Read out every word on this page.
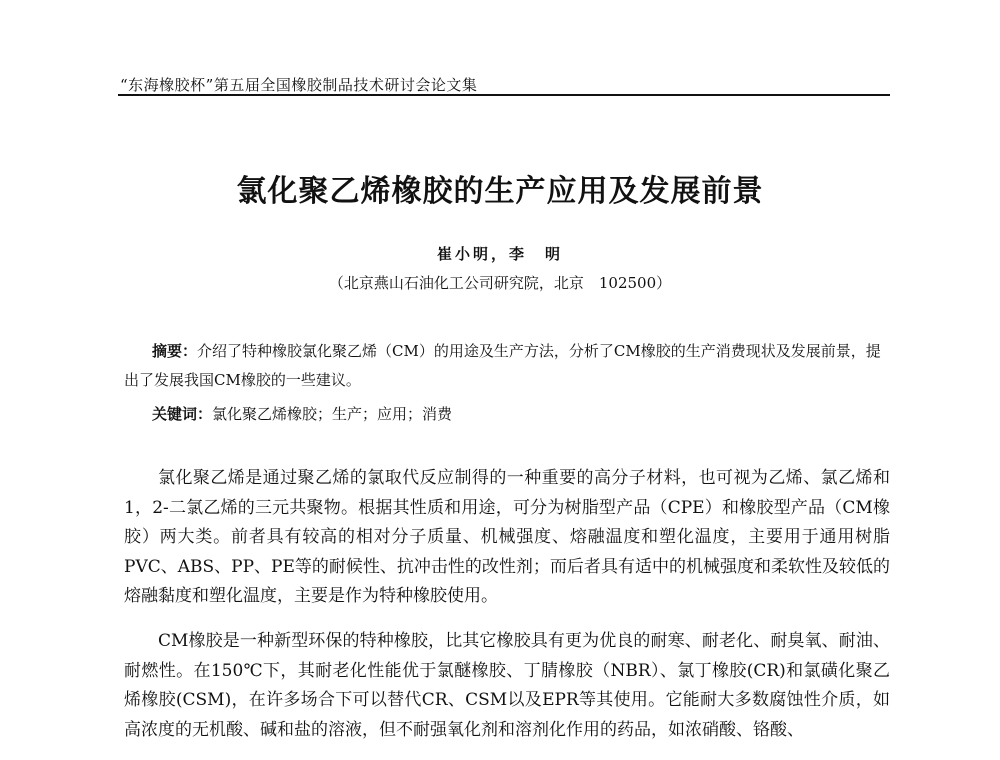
“东海橡胶杯”第五届全国橡胶制品技术研讨会论文集
氯化聚乙烯橡胶的生产应用及发展前景
崔小明，李　明
（北京燕山石油化工公司研究院，北京　102500）
摘要：介绍了特种橡胶氯化聚乙烯（CM）的用途及生产方法，分析了CM橡胶的生产消费现状及发展前景，提出了发展我国CM橡胶的一些建议。
关键词：氯化聚乙烯橡胶；生产；应用；消费
氯化聚乙烯是通过聚乙烯的氯取代反应制得的一种重要的高分子材料，也可视为乙烯、氯乙烯和1，2-二氯乙烯的三元共聚物。根据其性质和用途，可分为树脂型产品（CPE）和橡胶型产品（CM橡胶）两大类。前者具有较高的相对分子质量、机械强度、熔融温度和塑化温度，主要用于通用树脂PVC、ABS、PP、PE等的耐候性、抗冲击性的改性剂；而后者具有适中的机械强度和柔软性及较低的熔融黏度和塑化温度，主要是作为特种橡胶使用。
CM橡胶是一种新型环保的特种橡胶，比其它橡胶具有更为优良的耐寒、耐老化、耐臭氧、耐油、耐燃性。在150℃下，其耐老化性能优于氯醚橡胶、丁腈橡胶（NBR）、氯丁橡胶(CR)和氯磺化聚乙烯橡胶(CSM)，在许多场合下可以替代CR、CSM以及EPR等其使用。它能耐大多数腐蚀性介质，如高浓度的无机酸、碱和盐的溶液，但不耐强氧化剂和溶剂化作用的药品，如浓硝酸、铬酸、
